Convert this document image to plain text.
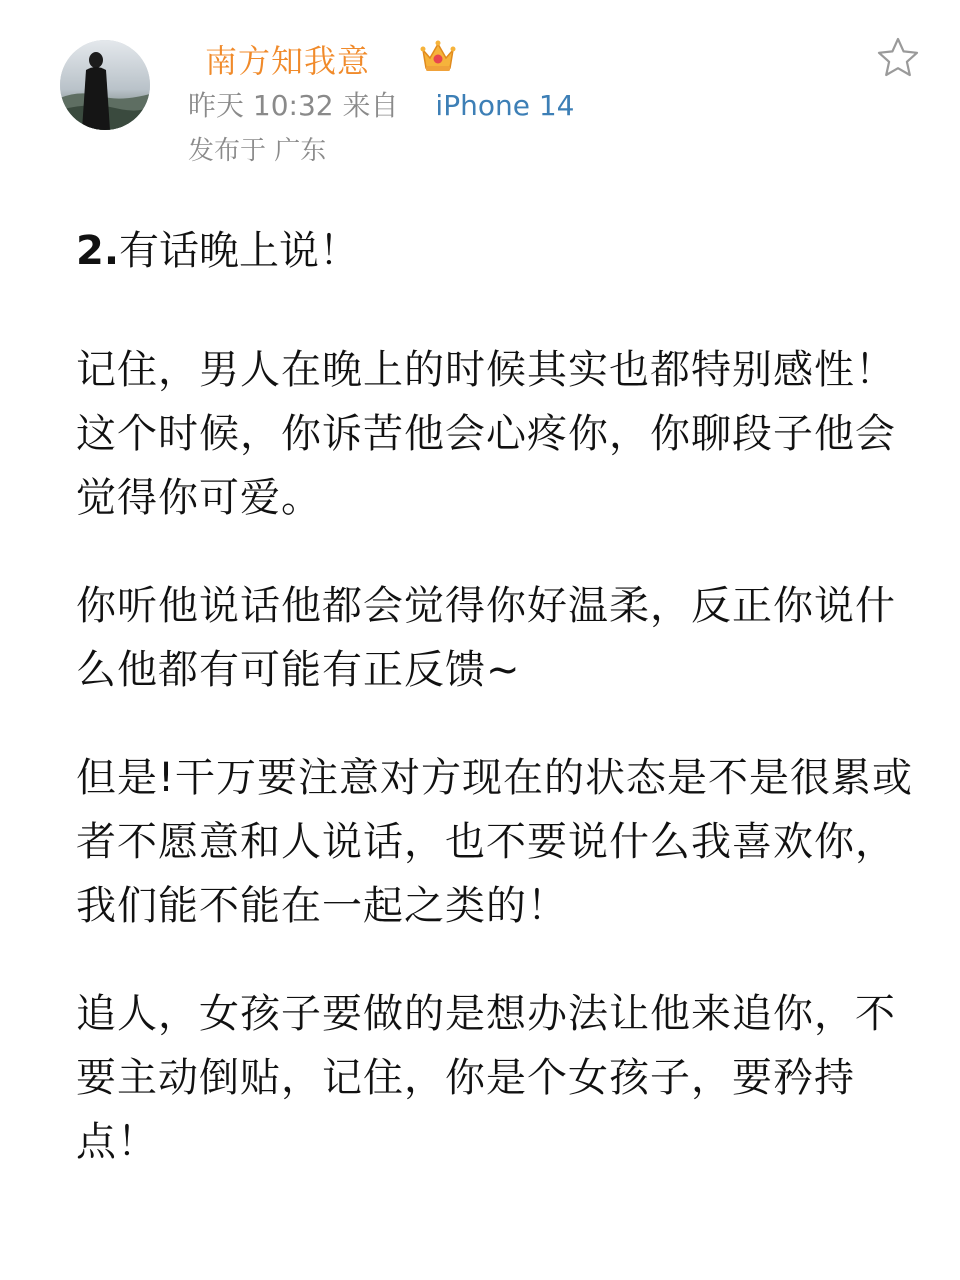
南方知我意
昨天 10:32 来自 iPhone 14
发布于 广东
2.有话晚上说！

记住，男人在晚上的时候其实也都特别感性！这个时候，你诉苦他会心疼你，你聊段子他会觉得你可爱。

你听他说话他都会觉得你好温柔，反正你说什么他都有可能有正反馈~

但是!干万要注意对方现在的状态是不是很累或者不愿意和人说话，也不要说什么我喜欢你，我们能不能在一起之类的！

追人，女孩子要做的是想办法让他来追你，不要主动倒贴，记住，你是个女孩子，要矜持点！
